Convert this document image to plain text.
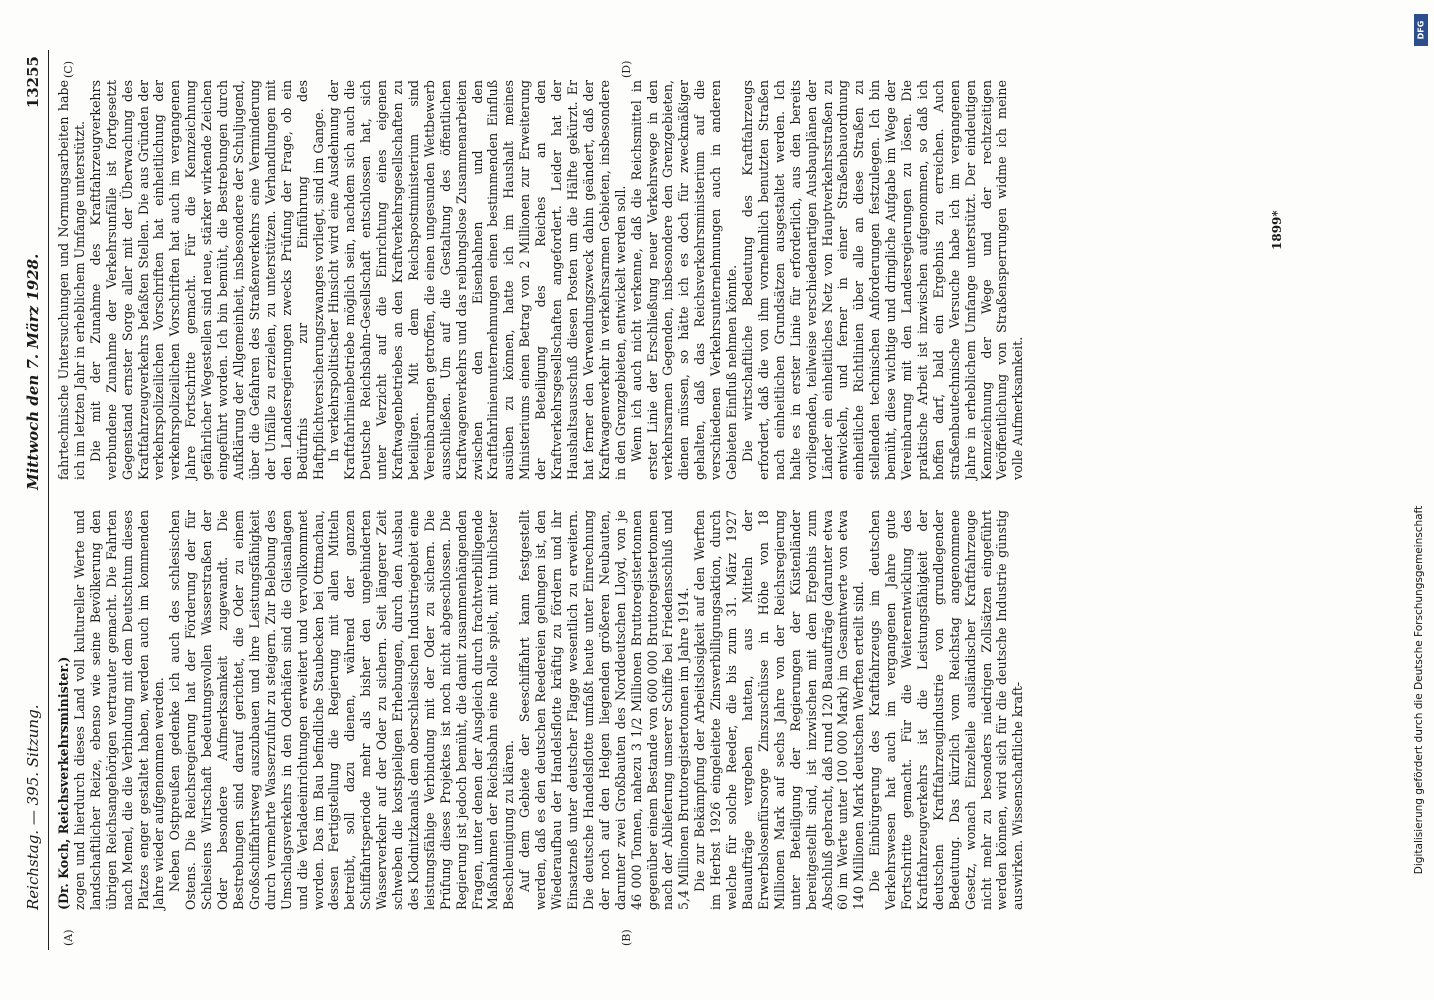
Reichstag. — 395. Sitzung.
Mittwoch den 7. März 1928.
13255
(A)	(B)
(C)	(D)

(Dr. Koch, Reichsverkehrsminister.) zogen und hierdurch dieses Land voll kultureller Werte und landschaftlicher Reize, ebenso wie seine Bevölkerung den übrigen Reichsangehörigen vertrauter gemacht. Die Fahrten nach Memel, die die Verbindung mit dem Deutschtum dieses Platzes enger gestaltet haben, werden auch im kommenden Jahre wieder aufgenommen werden. Neben Ostpreußen gedenke ich auch des schlesischen Ostens. Die Reichsregierung hat der Förderung der für Schlesiens Wirtschaft bedeutungsvollen Wasserstraßen der Oder besondere Aufmerksamkeit zugewandt. Die Bestrebungen sind darauf gerichtet, die Oder zu einem Großschiffahrtsweg auszubauen und ihre Leistungsfähigkeit durch vermehrte Wasserzufuhr zu steigern. Zur Belebung des Umschlagsverkehrs in den Oderhäfen sind die Gleisanlagen und die Verladeeinrichtungen erweitert und vervollkommnet worden. Das im Bau befindliche Staubecken bei Ottmachau, dessen Fertigstellung die Regierung mit allen Mitteln betreibt, soll dazu dienen, während der ganzen Schiffahrtsperiode mehr als bisher den ungehinderten Wasserverkehr auf der Oder zu sichern. Seit längerer Zeit schweben die kostspieligen Erhebungen, durch den Ausbau des Klodnitzkanals dem oberschlesischen Industriegebiet eine leistungsfähige Verbindung mit der Oder zu sichern. Die Prüfung dieses Projektes ist noch nicht abgeschlossen. Die Regierung ist jedoch bemüht, die damit zusammenhängenden Fragen, unter denen der Ausgleich durch frachtverbilligende Maßnahmen der Reichsbahn eine Rolle spielt, mit tunlichster Beschleunigung zu klären. Auf dem Gebiete der Seeschiffahrt kann festgestellt werden, daß es den deutschen Reedereien gelungen ist, den Wiederaufbau der Handelsflotte kräftig zu fördern und ihr Einsatzneß unter deutscher Flagge wesentlich zu erweitern. Die deutsche Handelsflotte umfaßt heute unter Einrechnung der noch auf den Helgen liegenden größeren Neubauten, darunter zwei Großbauten des Norddeutschen Lloyd, von je 46 000 Tonnen, nahezu 3 1/2 Millionen Bruttoregistertonnen gegenüber einem Bestande von 600 000 Bruttoregistertonnen nach der Ablieferung unserer Schiffe bei Friedensschluß und 5,4 Millionen Bruttoregistertonnen im Jahre 1914. Die zur Bekämpfung der Arbeitslosigkeit auf den Werften im Herbst 1926 eingeleitete Zinsverbilligungsaktion, durch welche für solche Reeder, die bis zum 31. März 1927 Bauaufträge vergeben hatten, aus Mitteln der Erwerbslosenfürsorge Zinszuschüsse in Höhe von 18 Millionen Mark auf sechs Jahre von der Reichsregierung unter Beteiligung der Regierungen der Küstenländer bereitgestellt sind, ist inzwischen mit dem Ergebnis zum Abschluß gebracht, daß rund 120 Bauaufträge (darunter etwa 60 im Werte unter 100 000 Mark) im Gesamtwerte von etwa 140 Millionen Mark deutschen Werften erteilt sind. Die Einbürgerung des Kraftfahrzeugs im deutschen Verkehrswesen hat auch im vergangenen Jahre gute Fortschritte gemacht. Für die Weiterentwicklung des Kraftfahrzeugverkehrs ist die Leistungsfähigkeit der deutschen Kraftfahrzeugindustrie von grundlegender Bedeutung. Das kürzlich vom Reichstag angenommene Gesetz, wonach Einzelteile ausländischer Kraftfahrzeuge nicht mehr zu besonders niedrigen Zollsätzen eingeführt werden können, wird sich für die deutsche Industrie günstig auswirken. Wissenschaftliche kraft-

fahrtechnische Untersuchungen und Normungsarbeiten habe ich im letzten Jahr in erheblichem Umfange unterstützt. Die mit der Zunahme des Kraftfahrzeugverkehrs verbundene Zunahme der Verkehrsunfälle ist fortgesetzt Gegenstand ernster Sorge aller mit der Überwachung des Kraftfahrzeugverkehrs befaßten Stellen. Die aus Gründen der verkehrspolizeilichen Vorschriften hat einheitlichung der verkehrspolizeilichen Vorschriften hat auch im vergangenen Jahre Fortschritte gemacht. Für die Kennzeichnung gefährlicher Wegestellen sind neue, stärker wirkende Zeichen eingeführt worden. Ich bin bemüht, die Bestrebungen durch Aufklärung der Allgemeinheit, insbesondere der Schuljugend, über die Gefahren des Straßenverkehrs eine Verminderung der Unfälle zu erzielen, zu unterstützen. Verhandlungen mit den Landesregierungen zwecks Prüfung der Frage, ob ein Bedürfnis zur Einführung des Haftpflichtversicherungszwanges vorliegt, sind im Gange. In verkehrspolitischer Hinsicht wird eine Ausdehnung der Kraftfahrlinienbetriebe möglich sein, nachdem sich auch die Deutsche Reichsbahn-Gesellschaft entschlossen hat, sich unter Verzicht auf die Einrichtung eines eigenen Kraftwagenbetriebes an den Kraftverkehrsgesellschaften zu beteiligen. Mit dem Reichspostministerium sind Vereinbarungen getroffen, die einen ungesunden Wettbewerb ausschließen. Um auf die Gestaltung des öffentlichen Kraftwagenverkehrs und das reibungslose Zusammenarbeiten zwischen den Eisenbahnen und den Kraftfahrlinienunternehmungen einen bestimmenden Einfluß ausüben zu können, hatte ich im Haushalt meines Ministeriums einen Betrag von 2 Millionen zur Erweiterung der Beteiligung des Reiches an den Kraftverkehrsgesellschaften angefordert. Leider hat der Haushaltsausschuß diesen Posten um die Hälfte gekürzt. Er hat ferner den Verwendungszweck dahin geändert, daß der Kraftwagenverkehr in verkehrsarmen Gebieten, insbesondere in den Grenzgebieten, entwickelt werden soll. Wenn ich auch nicht verkenne, daß die Reichsmittel in erster Linie der Erschließung neuer Verkehrswege in den verkehrsarmen Gegenden, insbesondere den Grenzgebieten, dienen müssen, so hätte ich es doch für zweckmäßiger gehalten, daß das Reichsverkehrsministerium auf die verschiedenen Verkehrsunternehmungen auch in anderen Gebieten Einfluß nehmen könnte. Die wirtschaftliche Bedeutung des Kraftfahrzeugs erfordert, daß die von ihm vornehmlich benutzten Straßen nach einheitlichen Grundsätzen ausgestaltet werden. Ich halte es in erster Linie für erforderlich, aus den bereits vorliegenden, teilweise verschiedenartigen Ausbauplänen der Länder ein einheitliches Netz von Hauptverkehrsstraßen zu entwickeln, und ferner in einer Straßenbauordnung einheitliche Richtlinien über alle an diese Straßen zu stellenden technischen Anforderungen festzulegen. Ich bin bemüht, diese wichtige und dringliche Aufgabe im Wege der Vereinbarung mit den Landesregierungen zu lösen. Die praktische Arbeit ist inzwischen aufgenommen, so daß ich hoffen darf, bald ein Ergebnis zu erreichen. Auch straßenbautechnische Versuche habe ich im vergangenen Jahre in erheblichem Umfange unterstützt. Der eindeutigen Kennzeichnung der Wege und der rechtzeitigen Veröffentlichung von Straßensperrungen widme ich meine volle Aufmerksamkeit.

1899*
Digitalisierung gefördert durch die Deutsche Forschungsgemeinschaft
DFG
